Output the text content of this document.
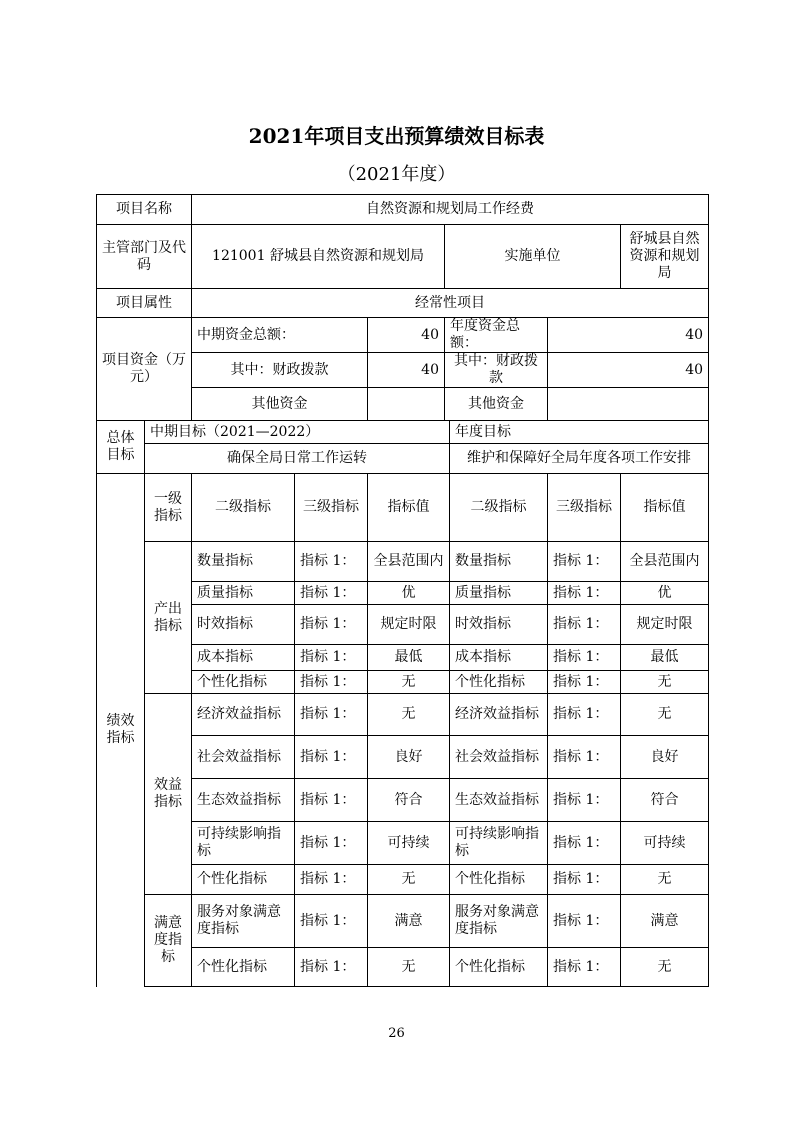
2021年项目支出预算绩效目标表
（2021年度）
项目名称		自然资源和规划局工作经费						
主管部门及代码		121001 舒城县自然资源和规划局			实施单位			舒城县自然资源和规划局
项目属性		经常性项目						
项目资金（万元）		中期资金总额：		40	年度资金总额：		40	
		其中：财政拨款		40	其中：财政拨款		40	
		其他资金			其他资金			
总体目标	中期目标（2021—2022）					年度目标		
	确保全局日常工作运转					维护和保障好全局年度各项工作安排		
绩效指标	一级指标	二级指标	三级指标	指标值		二级指标	三级指标	指标值
	产出指标	数量指标	指标 1：	全县范围内		数量指标	指标 1：	全县范围内
		质量指标	指标 1：	优		质量指标	指标 1：	优
		时效指标	指标 1：	规定时限		时效指标	指标 1：	规定时限
		成本指标	指标 1：	最低		成本指标	指标 1：	最低
		个性化指标	指标 1：	无		个性化指标	指标 1：	无
	效益指标	经济效益指标	指标 1：	无		经济效益指标	指标 1：	无
		社会效益指标	指标 1：	良好		社会效益指标	指标 1：	良好
		生态效益指标	指标 1：	符合		生态效益指标	指标 1：	符合
		可持续影响指标	指标 1：	可持续		可持续影响指标	指标 1：	可持续
		个性化指标	指标 1：	无		个性化指标	指标 1：	无
	满意度指标	服务对象满意度指标	指标 1：	满意		服务对象满意度指标	指标 1：	满意
		个性化指标	指标 1：	无		个性化指标	指标 1：	无
26
